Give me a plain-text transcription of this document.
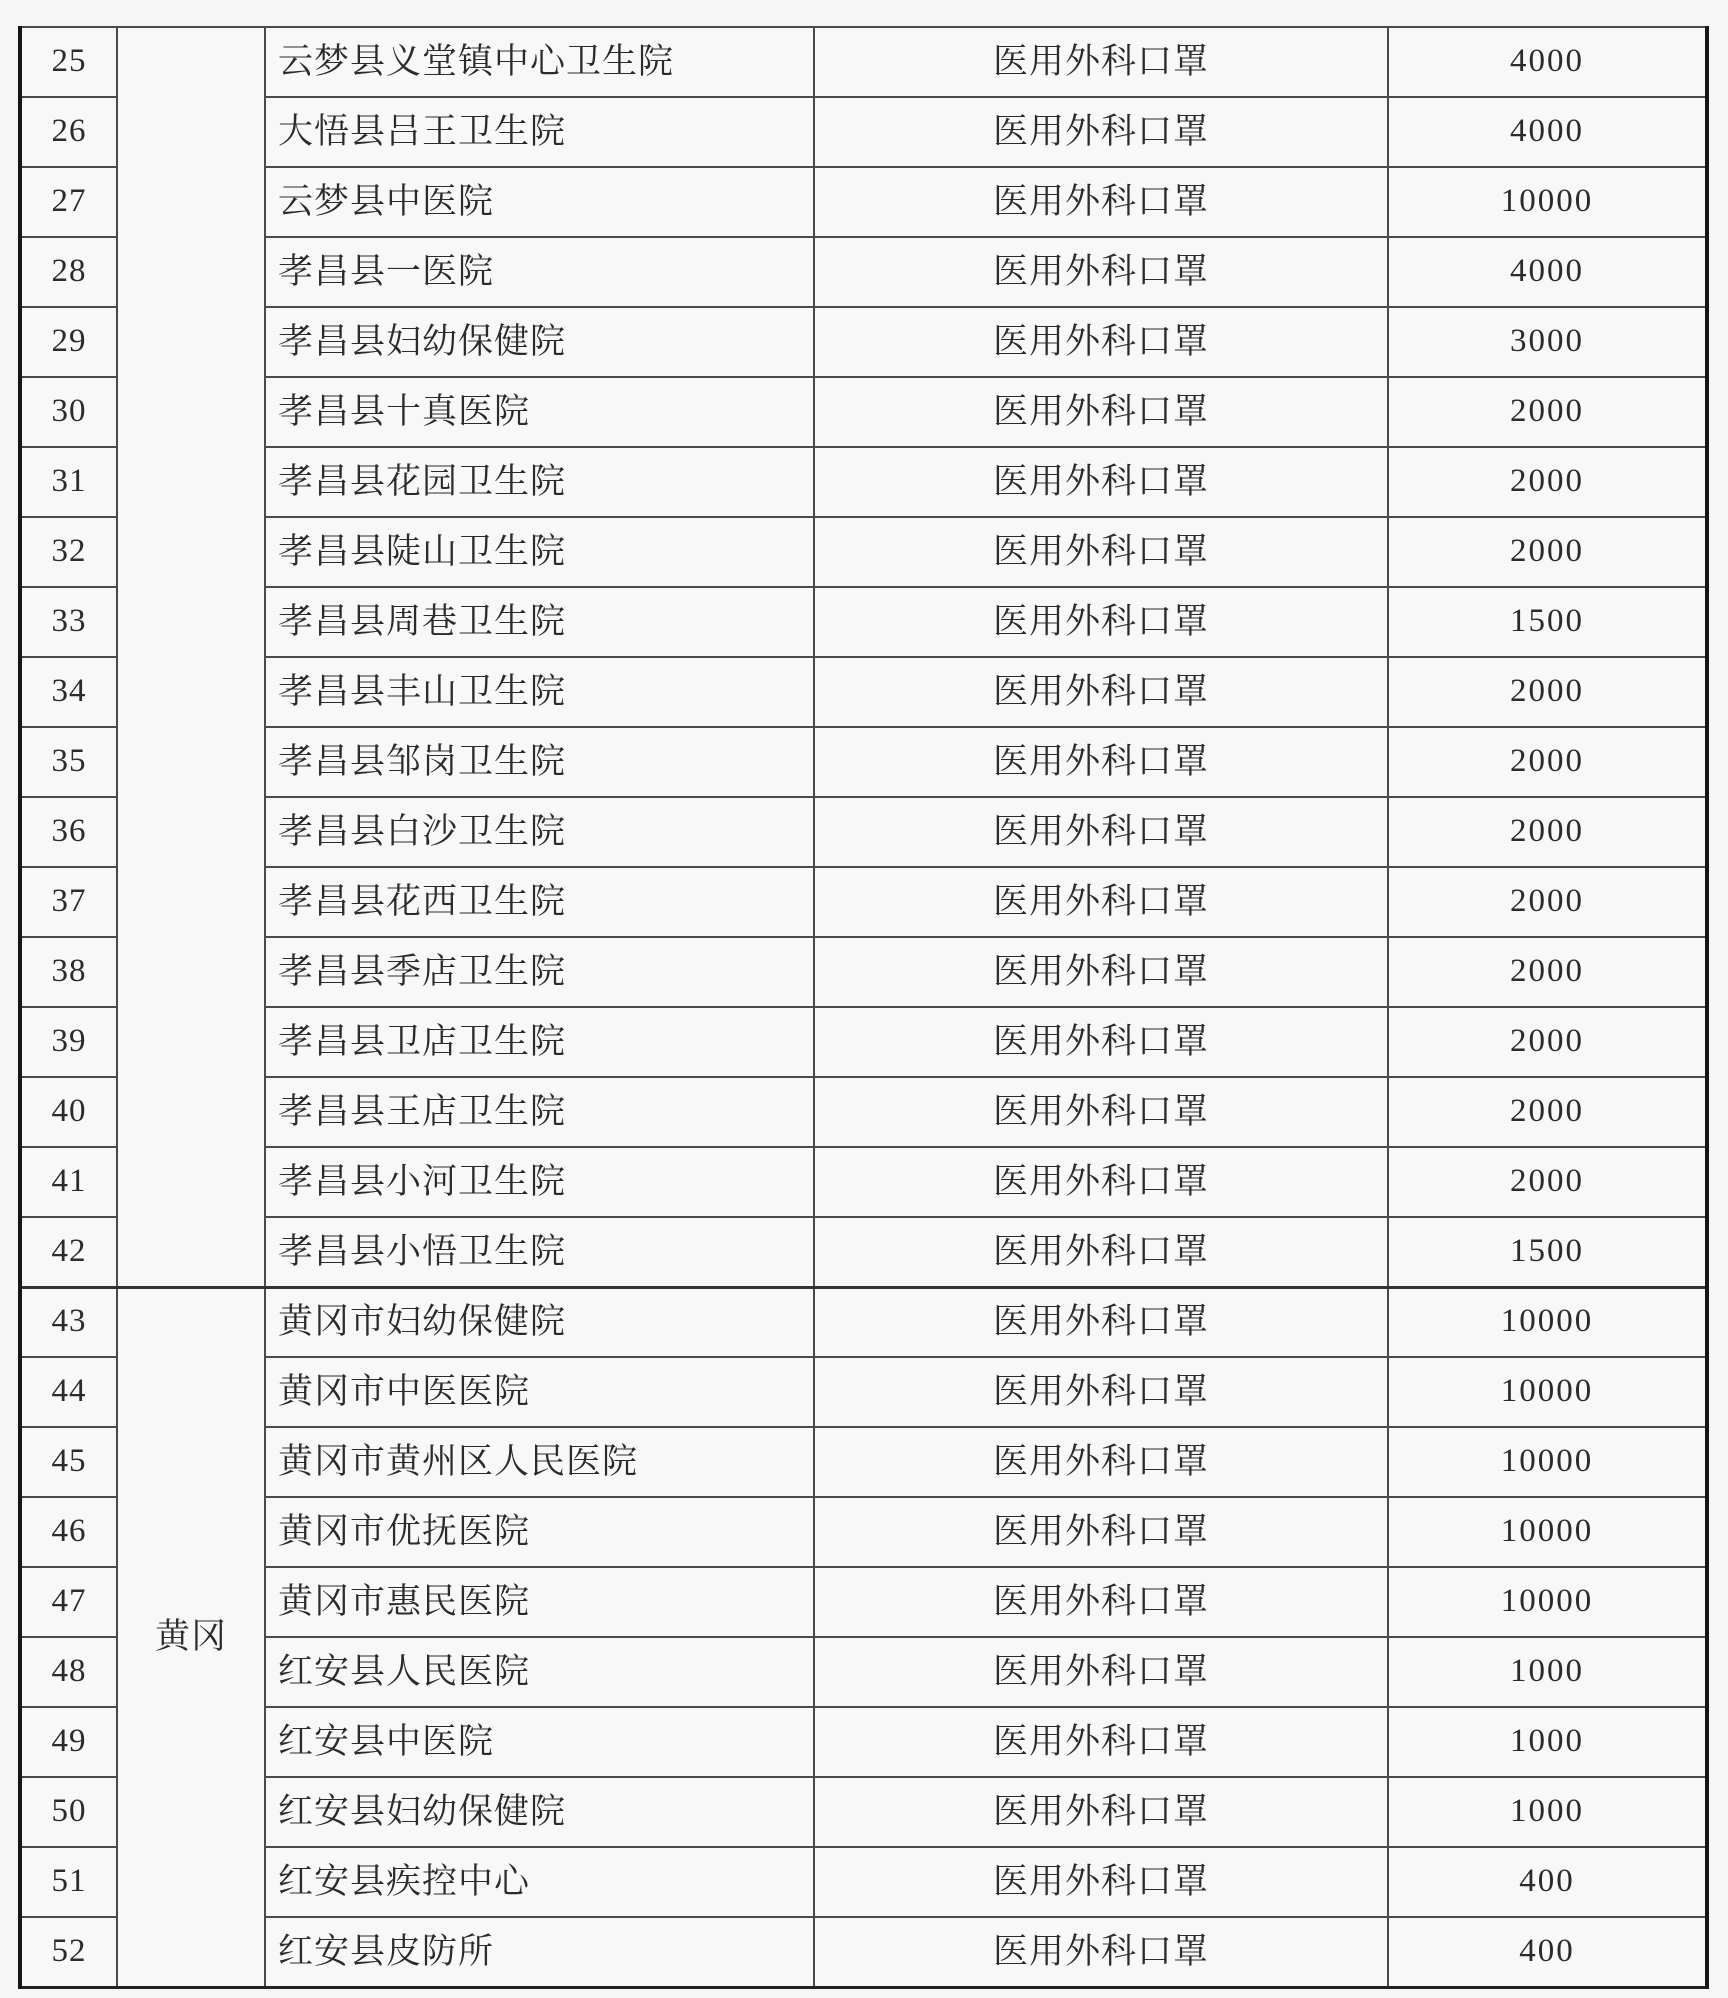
25		云梦县义堂镇中心卫生院	医用外科口罩	4000
26		大悟县吕王卫生院	医用外科口罩	4000
27		云梦县中医院	医用外科口罩	10000
28		孝昌县一医院	医用外科口罩	4000
29		孝昌县妇幼保健院	医用外科口罩	3000
30		孝昌县十真医院	医用外科口罩	2000
31		孝昌县花园卫生院	医用外科口罩	2000
32		孝昌县陡山卫生院	医用外科口罩	2000
33		孝昌县周巷卫生院	医用外科口罩	1500
34		孝昌县丰山卫生院	医用外科口罩	2000
35		孝昌县邹岗卫生院	医用外科口罩	2000
36		孝昌县白沙卫生院	医用外科口罩	2000
37		孝昌县花西卫生院	医用外科口罩	2000
38		孝昌县季店卫生院	医用外科口罩	2000
39		孝昌县卫店卫生院	医用外科口罩	2000
40		孝昌县王店卫生院	医用外科口罩	2000
41		孝昌县小河卫生院	医用外科口罩	2000
42		孝昌县小悟卫生院	医用外科口罩	1500
43	黄冈	黄冈市妇幼保健院	医用外科口罩	10000
44		黄冈市中医医院	医用外科口罩	10000
45		黄冈市黄州区人民医院	医用外科口罩	10000
46		黄冈市优抚医院	医用外科口罩	10000
47		黄冈市惠民医院	医用外科口罩	10000
48		红安县人民医院	医用外科口罩	1000
49		红安县中医院	医用外科口罩	1000
50		红安县妇幼保健院	医用外科口罩	1000
51		红安县疾控中心	医用外科口罩	400
52		红安县皮防所	医用外科口罩	400
